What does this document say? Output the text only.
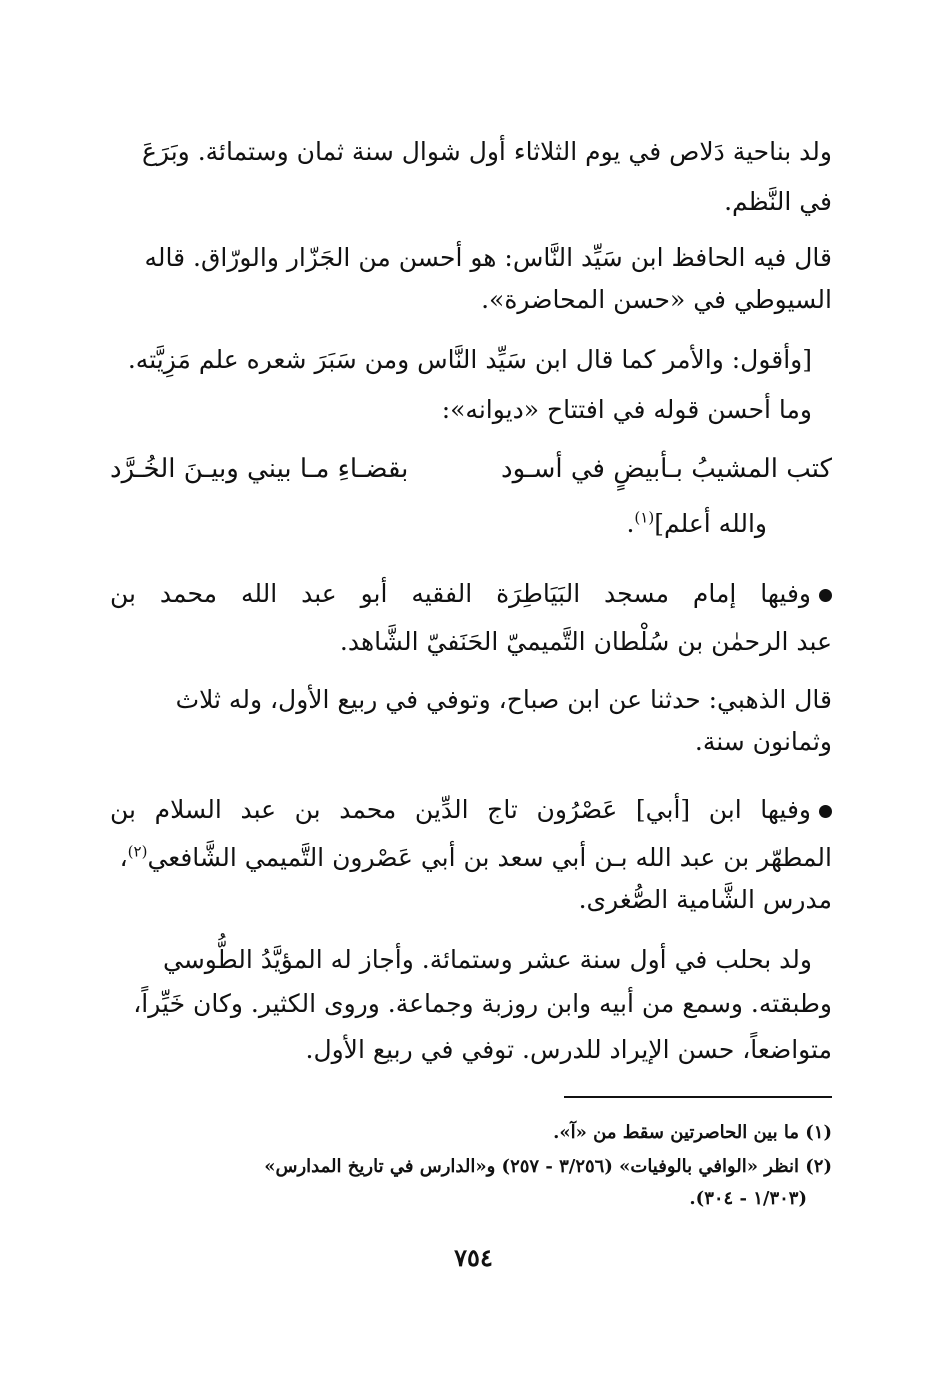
ولد بناحية دَلاص في يوم الثلاثاء أول شوال سنة ثمان وستمائة. وبَرَعَ
في النَّظم.
قال فيه الحافظ ابن سَيِّد النَّاس: هو أحسن من الجَزّار والورّاق. قاله
السيوطي في «حسن المحاضرة».
[وأقول: والأمر كما قال ابن سَيِّد النَّاس ومن سَبَرَ شعره علم مَزِيَّته.
وما أحسن قوله في افتتاح «ديوانه»:
كتب المشيبُ بـأبيضٍ في أسـود
بقضـاءِ مـا بيني وبيـنَ الخُـرَّد
والله أعلم]$^{(١)}$.
وفيها إمام مسجد البَيَاطِرَة الفقيه أبو عبد الله محمد بن
عبد الرحمٰن بن سُلْطان التَّميميّ الحَنَفيّ الشَّاهد.
قال الذهبي: حدثنا عن ابن صباح، وتوفي في ربيع الأول، وله ثلاث
وثمانون سنة.
وفيها ابن [أبي] عَصْرُون تاج الدِّين محمد بن عبد السلام بن
المطهّر بن عبد الله بـن أبي سعد بن أبي عَصْرون التَّميمي الشَّافعي$^{(٢)}$،
مدرس الشَّامية الصُّغرى.
ولد بحلب في أول سنة عشر وستمائة. وأجاز له المؤيَّدُ الطُّوسي
وطبقته. وسمع من أبيه وابن روزبة وجماعة. وروى الكثير. وكان خَيِّراً،
متواضعاً، حسن الإيراد للدرس. توفي في ربيع الأول.
(١) ما بين الحاصرتين سقط من «آ».
(٢) انظر «الوافي بالوفيات» (٣/٢٥٦ - ٢٥٧) و«الدارس في تاريخ المدارس»
(١/٣٠٣ - ٣٠٤).
٧٥٤
